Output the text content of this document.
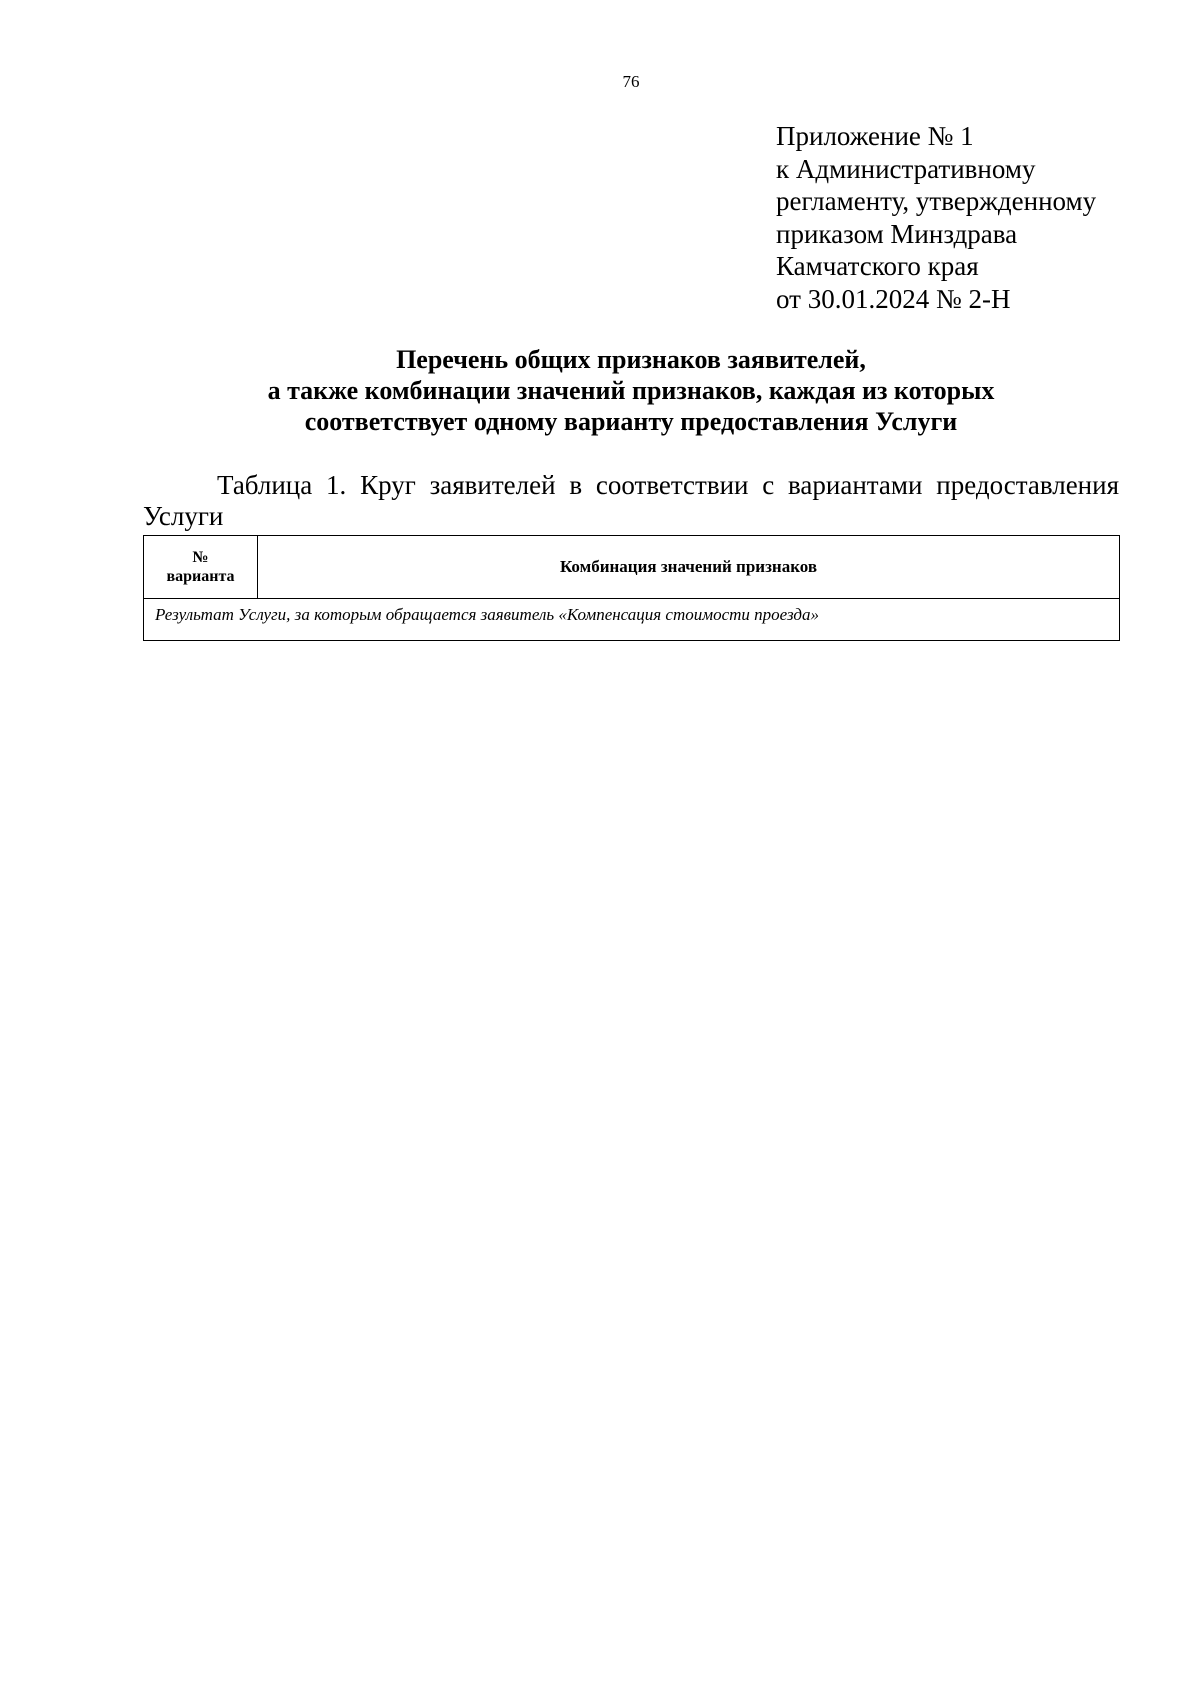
76
Приложение № 1
к Административному
регламенту, утвержденному
приказом Минздрава
Камчатского края
от 30.01.2024 № 2-Н
Перечень общих признаков заявителей,
а также комбинации значений признаков, каждая из которых
соответствует одному варианту предоставления Услуги
Таблица 1. Круг заявителей в соответствии с вариантами предоставления Услуги
№
варианта
	Комбинация значений признаков
Результат Услуги, за которым обращается заявитель «Компенсация стоимости проезда»
